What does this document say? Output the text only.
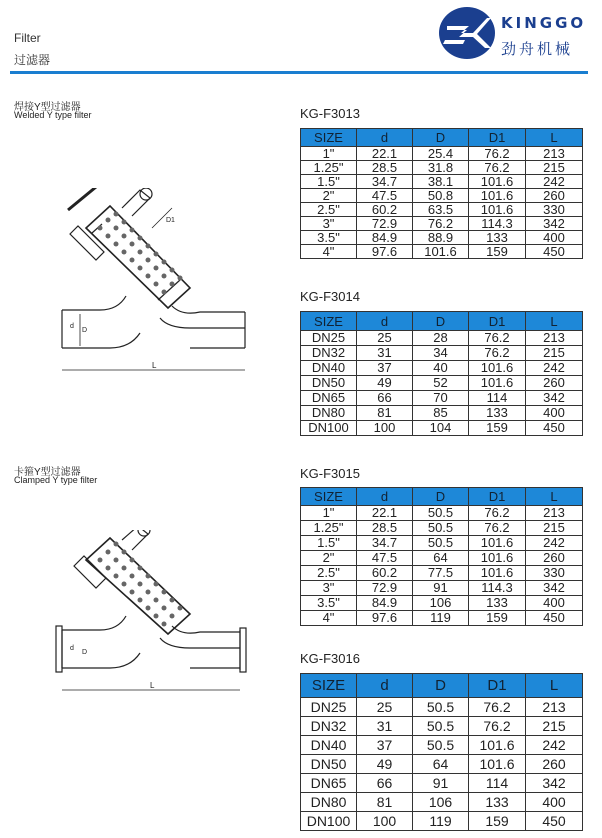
Filter
过滤器
KINGGO
劲舟机械
焊接Y型过滤器
Welded Y type filter
L
d
D
D1
卡箍Y型过滤器
Clamped Y type filter
L
d
D
KG-F3013
SIZE	d	D	D1	L
1"	22.1	25.4	76.2	213
1.25"	28.5	31.8	76.2	215
1.5"	34.7	38.1	101.6	242
2"	47.5	50.8	101.6	260
2.5"	60.2	63.5	101.6	330
3"	72.9	76.2	114.3	342
3.5"	84.9	88.9	133	400
4"	97.6	101.6	159	450
KG-F3014
SIZE	d	D	D1	L
DN25	25	28	76.2	213
DN32	31	34	76.2	215
DN40	37	40	101.6	242
DN50	49	52	101.6	260
DN65	66	70	114	342
DN80	81	85	133	400
DN100	100	104	159	450
KG-F3015
SIZE	d	D	D1	L
1"	22.1	50.5	76.2	213
1.25"	28.5	50.5	76.2	215
1.5"	34.7	50.5	101.6	242
2"	47.5	64	101.6	260
2.5"	60.2	77.5	101.6	330
3"	72.9	91	114.3	342
3.5"	84.9	106	133	400
4"	97.6	119	159	450
KG-F3016
SIZE	d	D	D1	L
DN25	25	50.5	76.2	213
DN32	31	50.5	76.2	215
DN40	37	50.5	101.6	242
DN50	49	64	101.6	260
DN65	66	91	114	342
DN80	81	106	133	400
DN100	100	119	159	450
